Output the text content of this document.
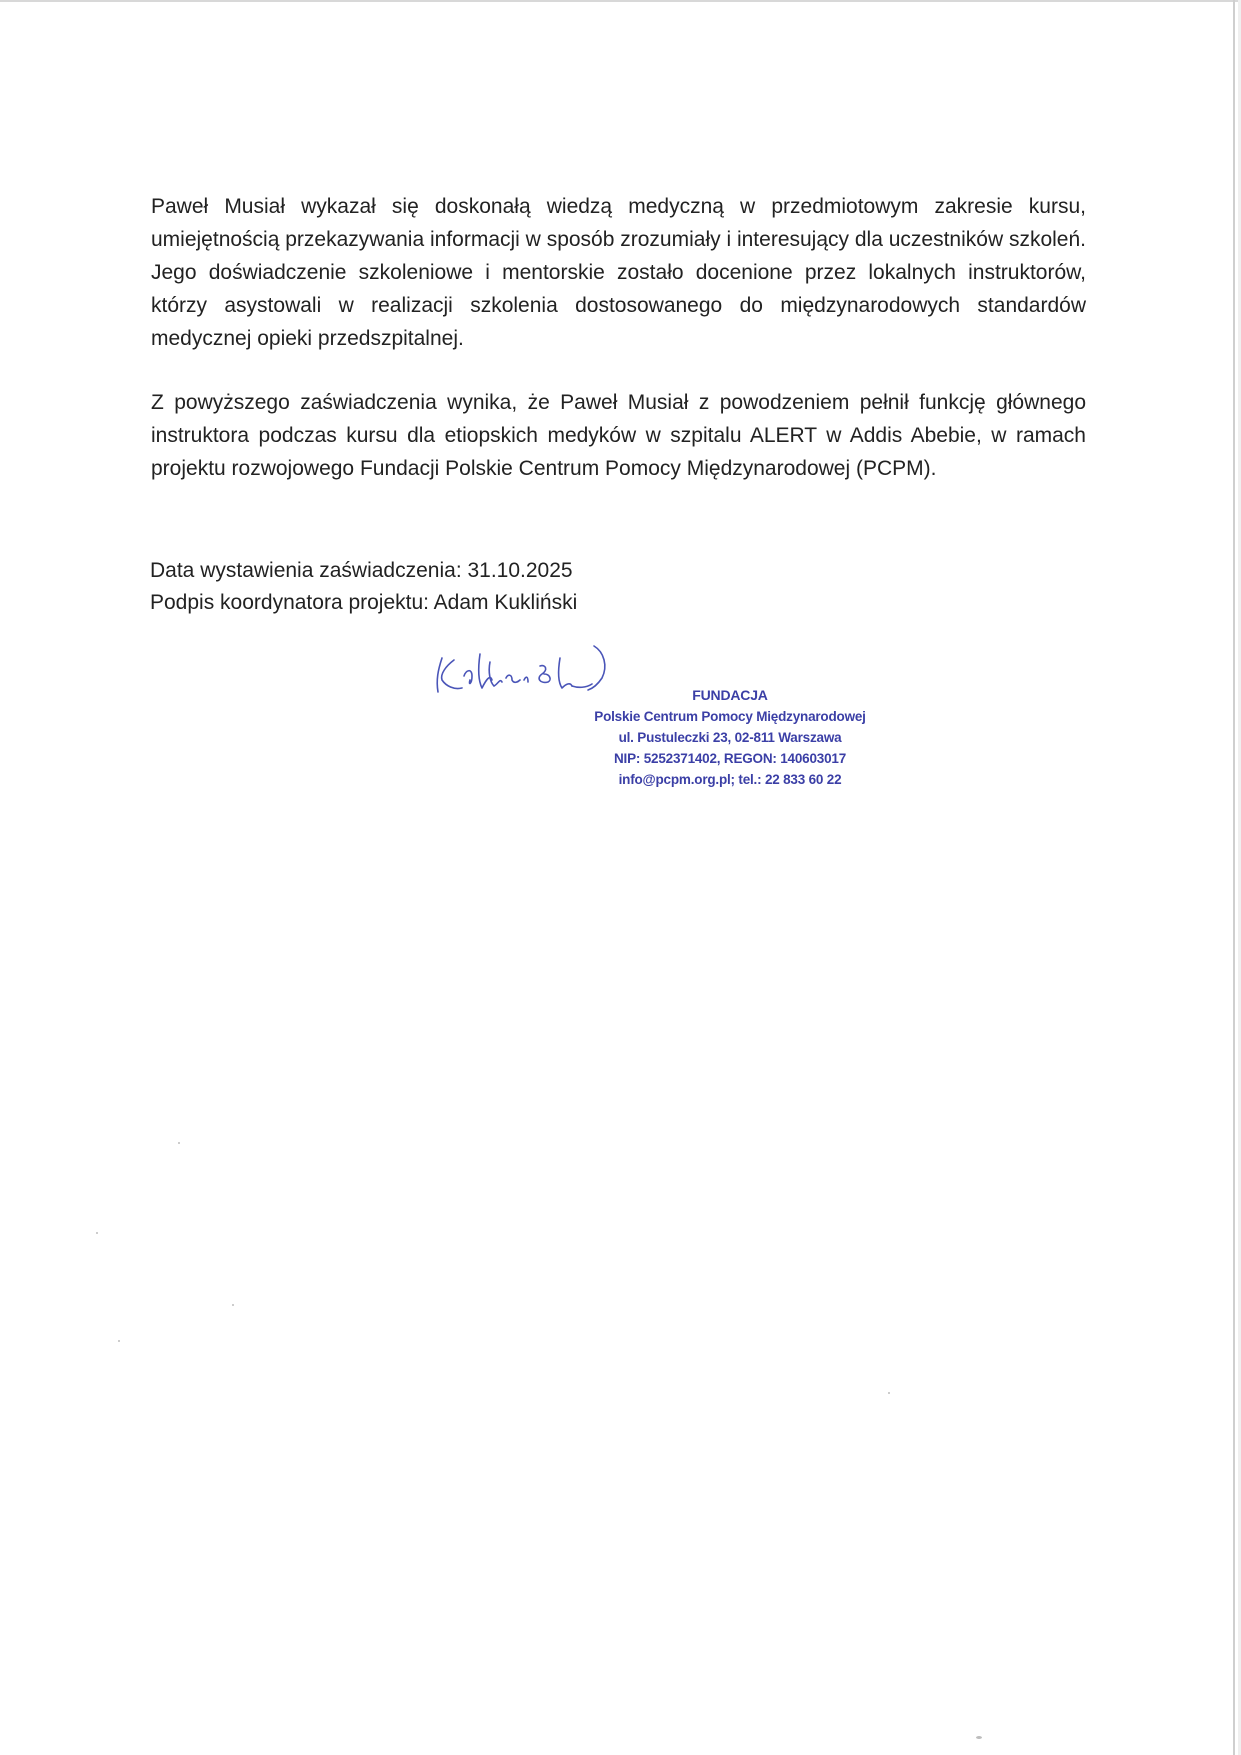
Paweł Musiał wykazał się doskonałą wiedzą medyczną w przedmiotowym zakresie kursu, umiejętnością przekazywania informacji w sposób zrozumiały i interesujący dla uczestników szkoleń. Jego doświadczenie szkoleniowe i mentorskie zostało docenione przez lokalnych instruktorów, którzy asystowali w realizacji szkolenia dostosowanego do międzynarodowych standardów medycznej opieki przedszpitalnej.

Z powyższego zaświadczenia wynika, że Paweł Musiał z powodzeniem pełnił funkcję głównego instruktora podczas kursu dla etiopskich medyków w szpitalu ALERT w Addis Abebie, w ramach projektu rozwojowego Fundacji Polskie Centrum Pomocy Międzynarodowej (PCPM).

Data wystawienia zaświadczenia: 31.10.2025
Podpis koordynatora projektu: Adam Kukliński
FUNDACJA
Polskie Centrum Pomocy Międzynarodowej
ul. Pustuleczki 23, 02-811 Warszawa
NIP: 5252371402, REGON: 140603017
info@pcpm.org.pl; tel.: 22 833 60 22
